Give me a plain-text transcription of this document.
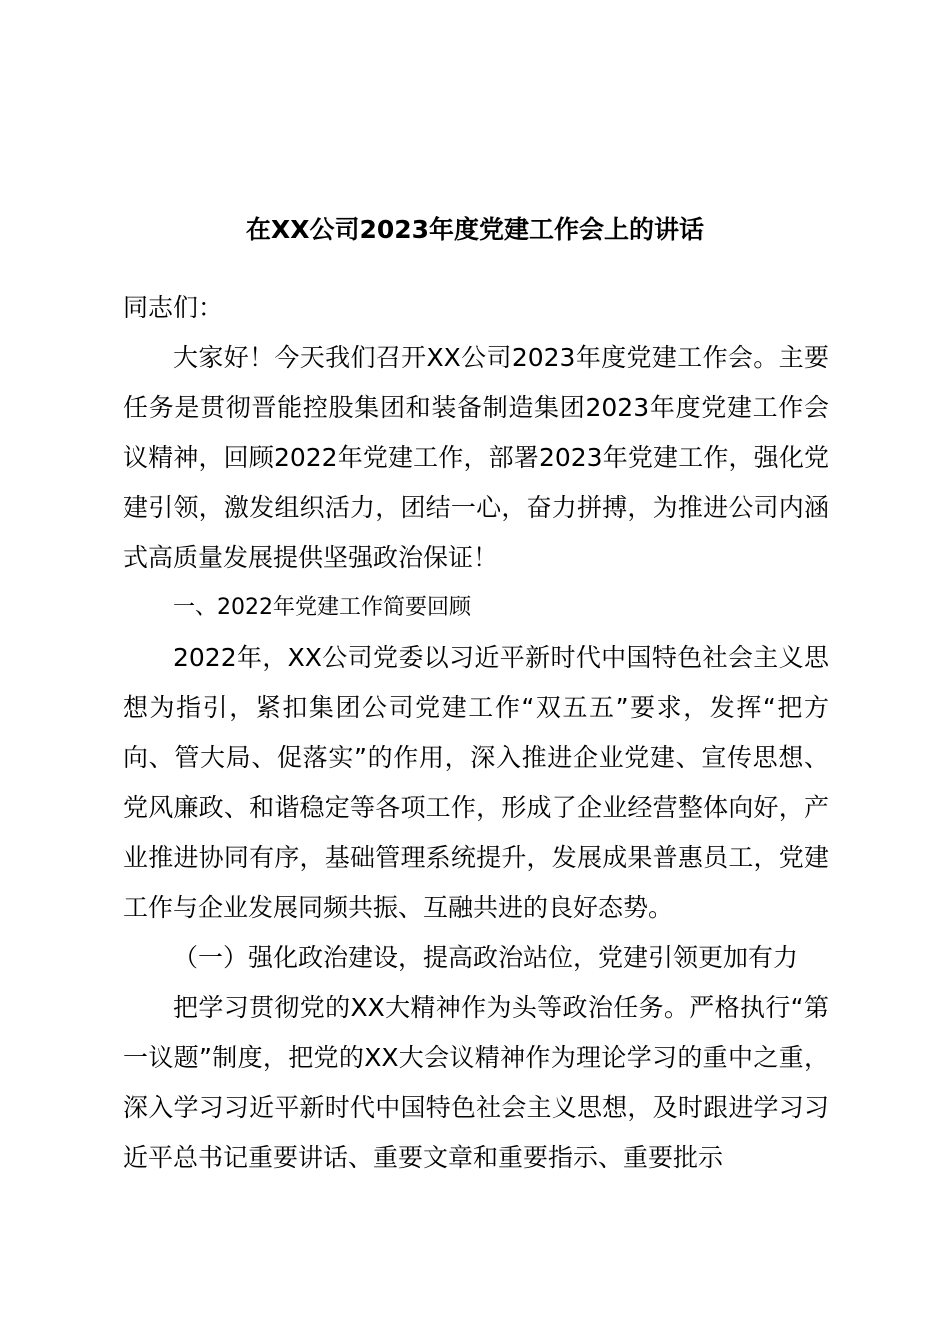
在XX公司2023年度党建工作会上的讲话

同志们：

大家好！今天我们召开XX公司2023年度党建工作会。主要任务是贯彻晋能控股集团和装备制造集团2023年度党建工作会议精神，回顾2022年党建工作，部署2023年党建工作，强化党建引领，激发组织活力，团结一心，奋力拼搏，为推进公司内涵式高质量发展提供坚强政治保证！

一、2022年党建工作简要回顾

2022年，XX公司党委以习近平新时代中国特色社会主义思想为指引，紧扣集团公司党建工作“双五五”要求，发挥“把方向、管大局、促落实”的作用，深入推进企业党建、宣传思想、党风廉政、和谐稳定等各项工作，形成了企业经营整体向好，产业推进协同有序，基础管理系统提升，发展成果普惠员工，党建工作与企业发展同频共振、互融共进的良好态势。

（一）强化政治建设，提高政治站位，党建引领更加有力

把学习贯彻党的XX大精神作为头等政治任务。严格执行“第一议题”制度，把党的XX大会议精神作为理论学习的重中之重，深入学习习近平新时代中国特色社会主义思想，及时跟进学习习近平总书记重要讲话、重要文章和重要指示、重要批示
